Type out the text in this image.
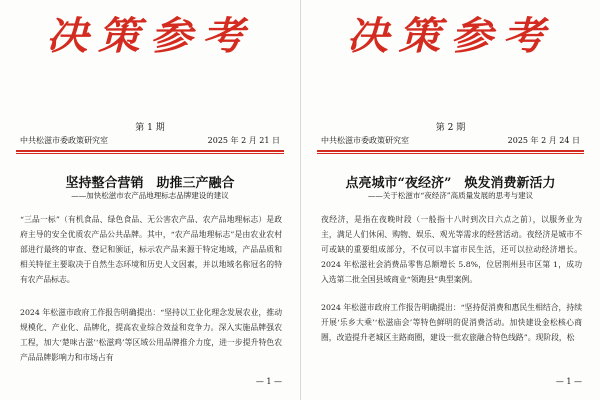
决策参考
第 1 期
中共松滋市委政策研究室	2025 年 2 月 21 日
坚持整合营销　助推三产融合
——加快松滋市农产品地理标志品牌建设的建议
“三品一标”（有机食品、绿色食品、无公害农产品、农产品地理标志）是政府主导的安全优质农产品公共品牌。其中，“农产品地理标志”是由农业农村部进行最终的审查、登记和颁证，标示农产品来源于特定地域，产品品质和相关特征主要取决于自然生态环境和历史人文因素，并以地域名称冠名的特有农产品标志。
2024 年松滋市政府工作报告明确提出：“坚持以工业化理念发展农业，推动规模化、产业化、品牌化，提高农业综合效益和竞争力。深入实施品牌强农工程，加大‘楚味古滋’‘松滋鸡’等区域公用品牌推介力度，进一步提升特色农产品品牌影响力和市场占有
— 1 —
决策参考
第 2 期
中共松滋市委政策研究室	2025 年 2 月 24 日
点亮城市“夜经济”　焕发消费新活力
——关于松滋市“夜经济”高质量发展的思考与建议
夜经济，是指在夜晚时段（一般指十八时到次日六点之前），以服务业为主，满足人们休闲、购物、娱乐、观光等需求的经营活动。夜经济是城市不可或缺的重要组成部分，不仅可以丰富市民生活，还可以拉动经济增长。2024 年松滋社会消费品零售总额增长 5.8%，位居荆州县市区第 1，成功入选第二批全国县域商业“领跑县”典型案例。
2024 年松滋市政府工作报告明确提出：“坚持促消费和惠民生相结合，持续开展‘乐乡大乘’‘松滋庙会’等特色鲜明的促消费活动。加快建设金松核心商圈，改造提升老城区主路商圈，建设一批农旅融合特色线路”。现阶段，松
— 1 —
